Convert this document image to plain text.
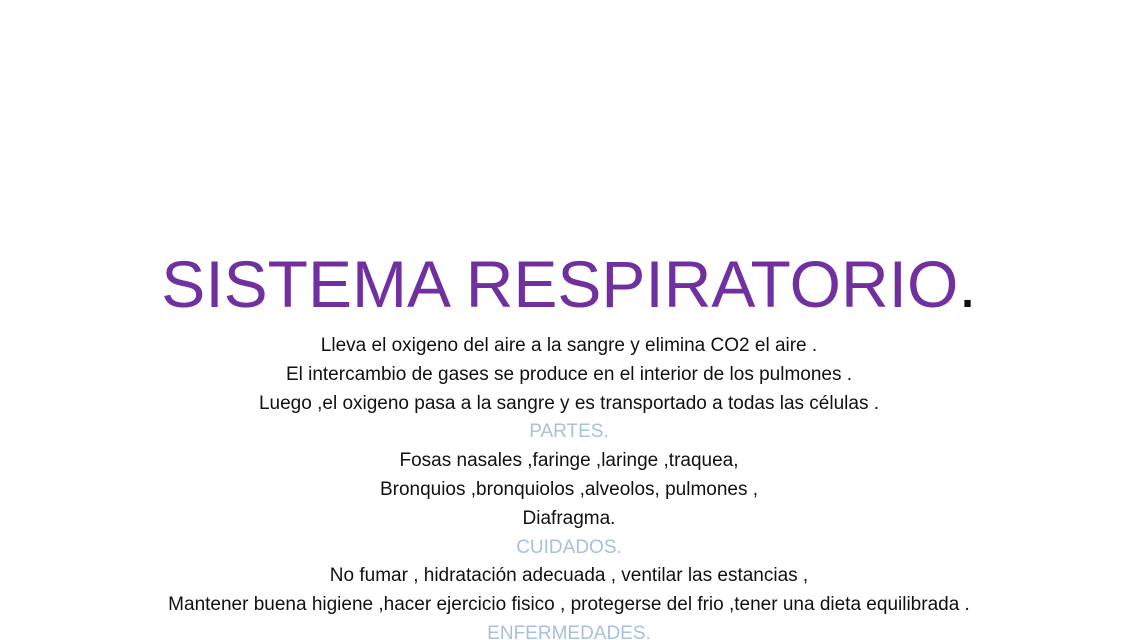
SISTEMA RESPIRATORIO.
Lleva el oxigeno del aire a la sangre y elimina CO2 el aire .
El intercambio de gases se produce en el interior de los pulmones .
Luego ,el oxigeno pasa a la sangre y es transportado a todas las células .
PARTES.
Fosas nasales ,faringe ,laringe ,traquea,
Bronquios ,bronquiolos ,alveolos, pulmones ,
Diafragma.
CUIDADOS.
No fumar , hidratación adecuada , ventilar las estancias ,
Mantener buena higiene ,hacer ejercicio fisico , protegerse del frio ,tener una dieta equilibrada .
ENFERMEDADES.
